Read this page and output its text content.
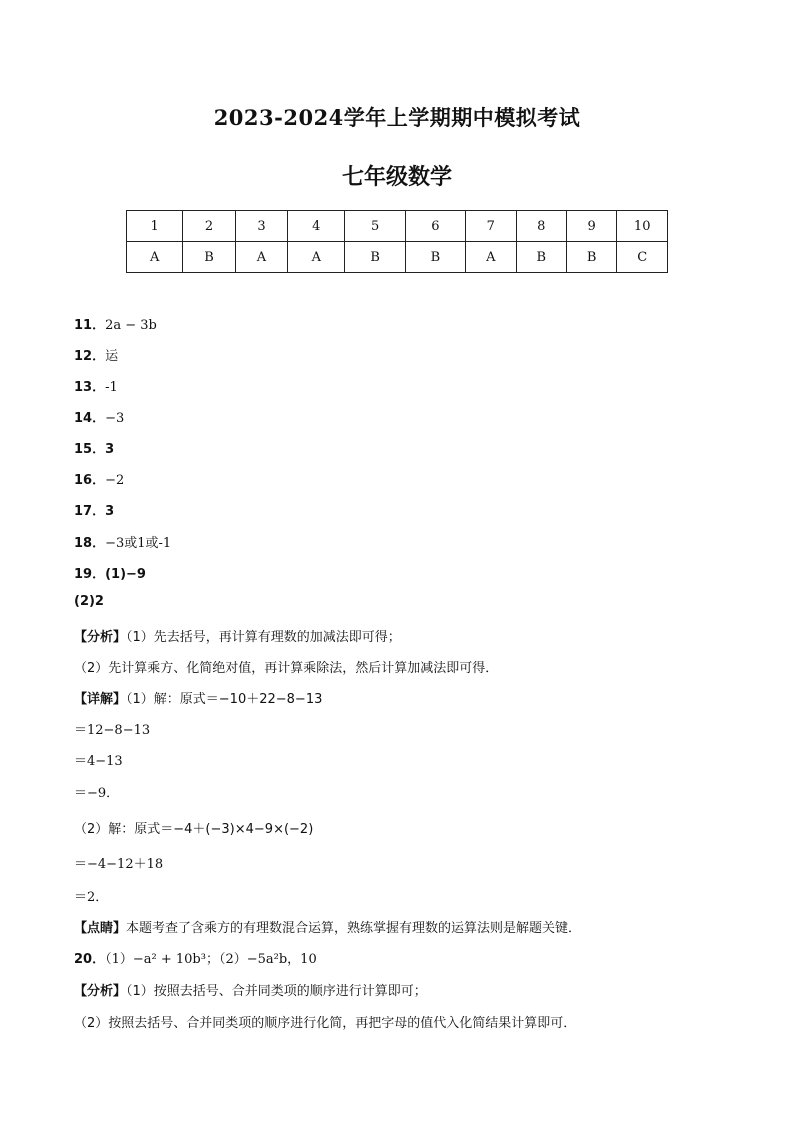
2023-2024学年上学期期中模拟考试
七年级数学
1	2	3	4	5	6	7	8	9	10
A	B	A	A	B	B	A	B	B	C
11．2a − 3b
12．运
13．-1
14．−3
15．3
16．−2
17．3
18．−3或1或-1
19．(1)−9
(2)2
【分析】（1）先去括号，再计算有理数的加减法即可得；
（2）先计算乘方、化简绝对值，再计算乘除法，然后计算加减法即可得．
【详解】（1）解：原式＝−10＋22−8−13
＝12−8−13
＝4−13
＝−9．
（2）解：原式＝−4＋(−3)×4−9×(−2)
＝−4−12＋18
＝2．
【点睛】本题考查了含乘方的有理数混合运算，熟练掌握有理数的运算法则是解题关键．
20．（1）−a² + 10b³；（2）−5a²b，10
【分析】（1）按照去括号、合并同类项的顺序进行计算即可；
（2）按照去括号、合并同类项的顺序进行化简，再把字母的值代入化简结果计算即可．
